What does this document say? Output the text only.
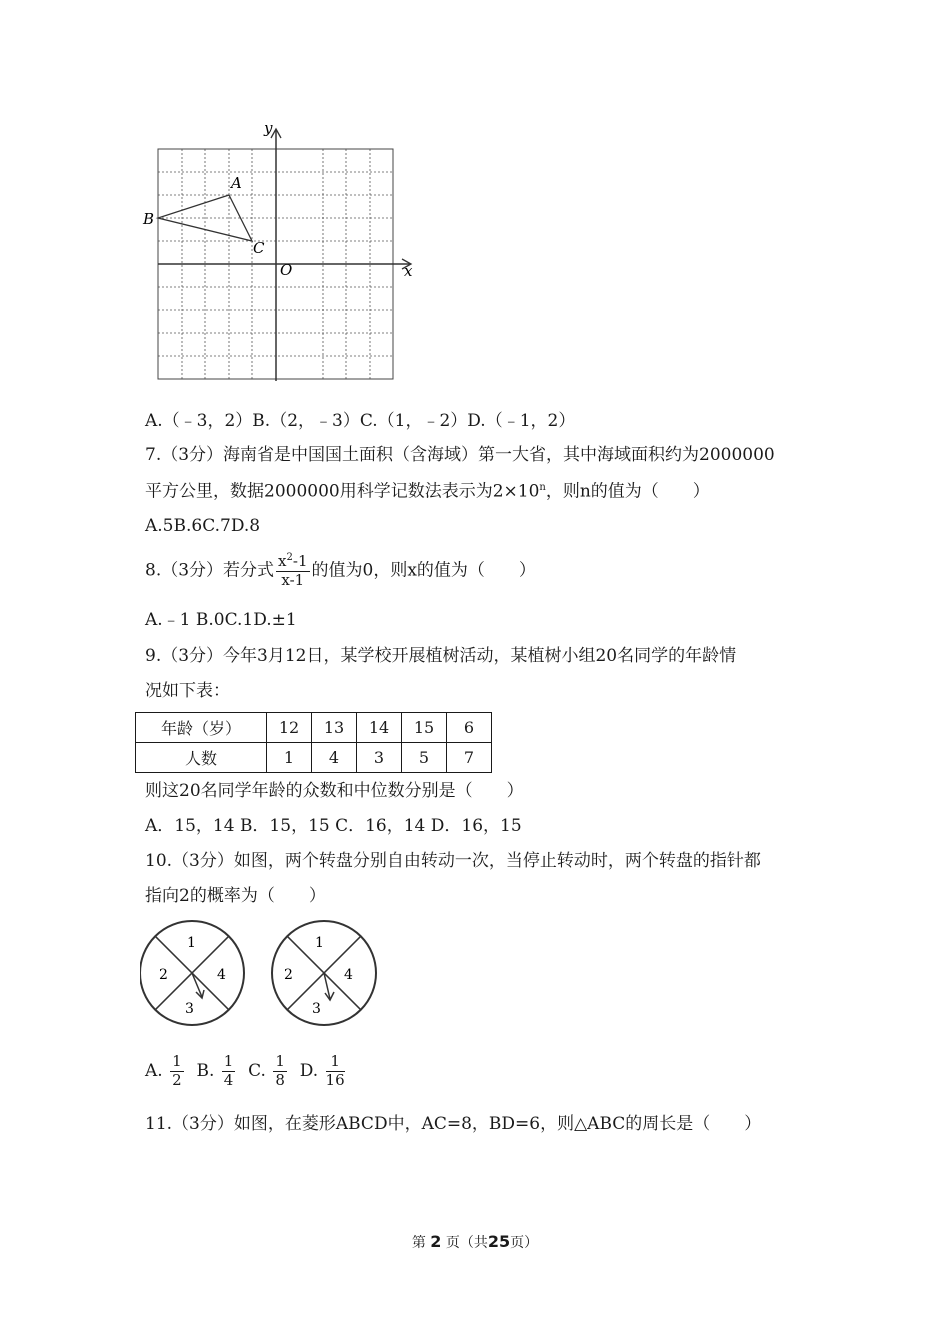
y
x
O
A
B
C
A.（﹣3，2）B.（2，﹣3）C.（1，﹣2）D.（﹣1，2）
7.（3分）海南省是中国国土面积（含海域）第一大省，其中海域面积约为2000000
平方公里，数据2000000用科学记数法表示为$2\times 10^n$，则n的值为（　　）
A.5B.6C.7D.8
8.（3分）若分式 $\frac{x^2-1}{x-1}$ 的值为0，则x的值为（　　）
A.﹣1 B.0C.1D.±1
9.（3分）今年3月12日，某学校开展植树活动，某植树小组20名同学的年龄情
况如下表：
年龄（岁）	12	13	14	15	6
人数	1	4	3	5	7
则这20名同学年龄的众数和中位数分别是（　　）
A．15，14 B．15，15 C．16，14 D．16，15
10.（3分）如图，两个转盘分别自由转动一次，当停止转动时，两个转盘的指针都
指向2的概率为（　　）
1
2
3
4
1
2
3
4
A. $\frac{1}{2} B$. $\frac{1}{4} C$. $\frac{1}{8} D$. $\frac{1}{16}$
11.（3分）如图，在菱形ABCD中，AC=8，BD=6，则△ABC的周长是（　　）
第 2 页（共25页）
